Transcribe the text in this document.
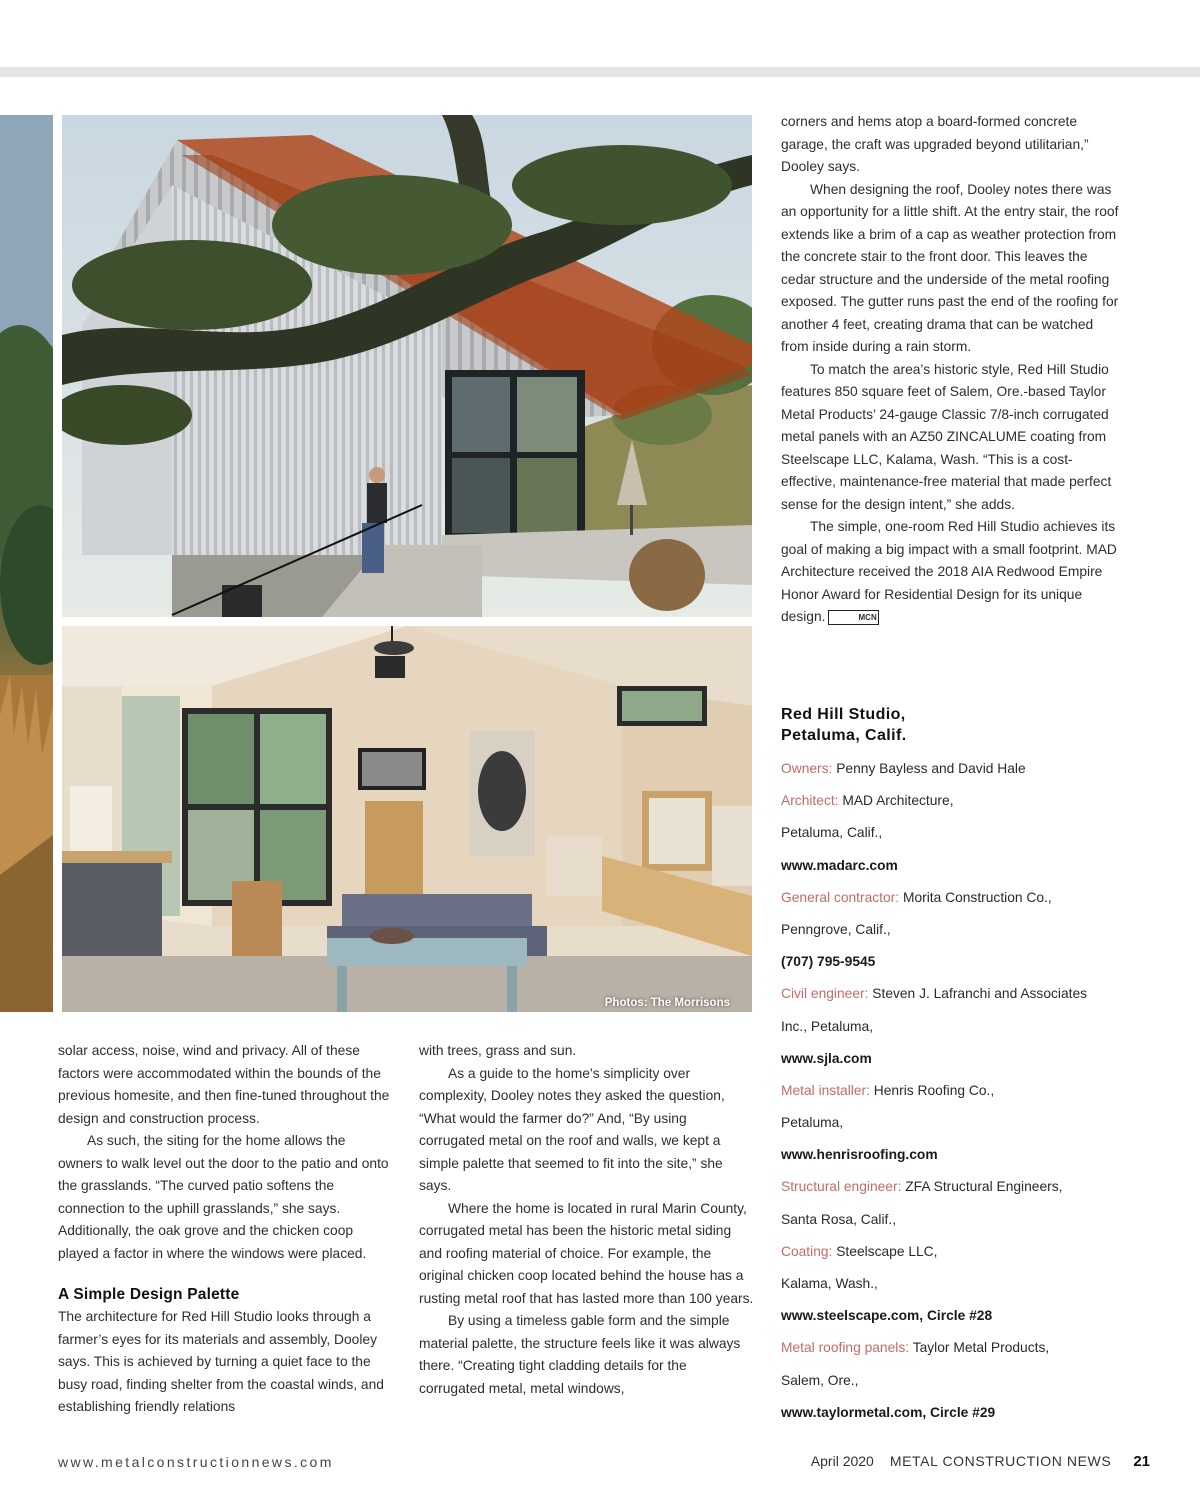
Photos: The Morrisons

corners and hems atop a board-formed concrete garage, the craft was upgraded beyond utilitarian,” Dooley says.

When designing the roof, Dooley notes there was an opportunity for a little shift. At the entry stair, the roof extends like a brim of a cap as weather protection from the concrete stair to the front door. This leaves the cedar structure and the underside of the metal roofing exposed. The gutter runs past the end of the roofing for another 4 feet, creating drama that can be watched from inside during a rain storm.

To match the area’s historic style, Red Hill Studio features 850 square feet of Salem, Ore.-based Taylor Metal Products’ 24-gauge Classic 7/8-inch corrugated metal panels with an AZ50 ZINCALUME coating from Steelscape LLC, Kalama, Wash. “This is a cost-effective, maintenance-free material that made perfect sense for the design intent,” she adds.

The simple, one-room Red Hill Studio achieves its goal of making a big impact with a small footprint. MAD Architecture received the 2018 AIA Redwood Empire Honor Award for Residential Design for its unique design.	MCN

Red Hill Studio,
Petaluma, Calif.
Owners: Penny Bayless and David Hale
Architect: MAD Architecture,
Petaluma, Calif.,
www.madarc.com
General contractor: Morita Construction Co.,
Penngrove, Calif.,
(707) 795-9545
Civil engineer: Steven J. Lafranchi and Associates
Inc., Petaluma,
www.sjla.com
Metal installer: Henris Roofing Co.,
Petaluma,
www.henrisroofing.com
Structural engineer: ZFA Structural Engineers,
Santa Rosa, Calif.,
Coating: Steelscape LLC,
Kalama, Wash.,
www.steelscape.com, Circle #28
Metal roofing panels: Taylor Metal Products,
Salem, Ore.,
www.taylormetal.com, Circle #29

solar access, noise, wind and privacy. All of these factors were accommodated within the bounds of the previous homesite, and then fine-tuned throughout the design and construction process.

As such, the siting for the home allows the owners to walk level out the door to the patio and onto the grasslands. “The curved patio softens the connection to the uphill grasslands,” she says. Additionally, the oak grove and the chicken coop played a factor in where the windows were placed.

A Simple Design Palette

The architecture for Red Hill Studio looks through a farmer’s eyes for its materials and assembly, Dooley says. This is achieved by turning a quiet face to the busy road, finding shelter from the coastal winds, and establishing friendly relations

with trees, grass and sun.

As a guide to the home’s simplicity over complexity, Dooley notes they asked the question, “What would the farmer do?” And, “By using corrugated metal on the roof and walls, we kept a simple palette that seemed to fit into the site,” she says.

Where the home is located in rural Marin County, corrugated metal has been the historic metal siding and roofing material of choice. For example, the original chicken coop located behind the house has a rusting metal roof that has lasted more than 100 years.

By using a timeless gable form and the simple material palette, the structure feels like it was always there. “Creating tight cladding details for the corrugated metal, metal windows,

www.metalconstructionnews.com	April 2020 METAL CONSTRUCTION NEWS 21
